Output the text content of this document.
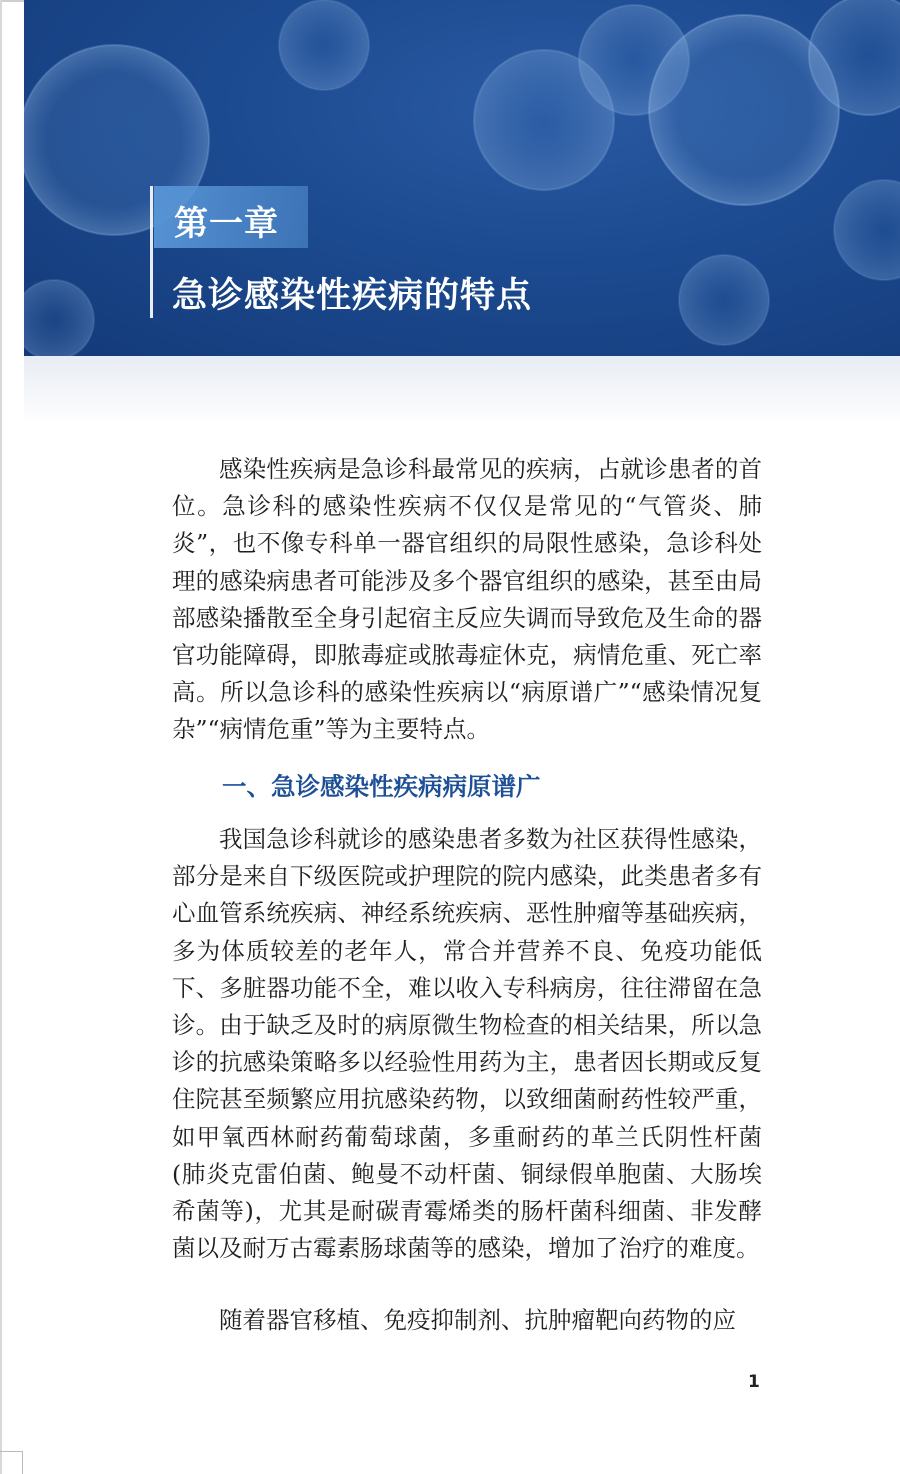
第一章
急诊感染性疾病的特点

感染性疾病是急诊科最常见的疾病，占就诊患者的首位。急诊科的感染性疾病不仅仅是常见的“气管炎、肺炎”，也不像专科单一器官组织的局限性感染，急诊科处理的感染病患者可能涉及多个器官组织的感染，甚至由局部感染播散至全身引起宿主反应失调而导致危及生命的器官功能障碍，即脓毒症或脓毒症休克，病情危重、死亡率高。所以急诊科的感染性疾病以“病原谱广”“感染情况复杂”“病情危重”等为主要特点。

一、急诊感染性疾病病原谱广

我国急诊科就诊的感染患者多数为社区获得性感染，部分是来自下级医院或护理院的院内感染，此类患者多有心血管系统疾病、神经系统疾病、恶性肿瘤等基础疾病，多为体质较差的老年人，常合并营养不良、免疫功能低下、多脏器功能不全，难以收入专科病房，往往滞留在急诊。由于缺乏及时的病原微生物检查的相关结果，所以急诊的抗感染策略多以经验性用药为主，患者因长期或反复住院甚至频繁应用抗感染药物，以致细菌耐药性较严重，如甲氧西林耐药葡萄球菌，多重耐药的革兰氏阴性杆菌(肺炎克雷伯菌、鲍曼不动杆菌、铜绿假单胞菌、大肠埃希菌等)，尤其是耐碳青霉烯类的肠杆菌科细菌、非发酵菌以及耐万古霉素肠球菌等的感染，增加了治疗的难度。

随着器官移植、免疫抑制剂、抗肿瘤靶向药物的应

1
